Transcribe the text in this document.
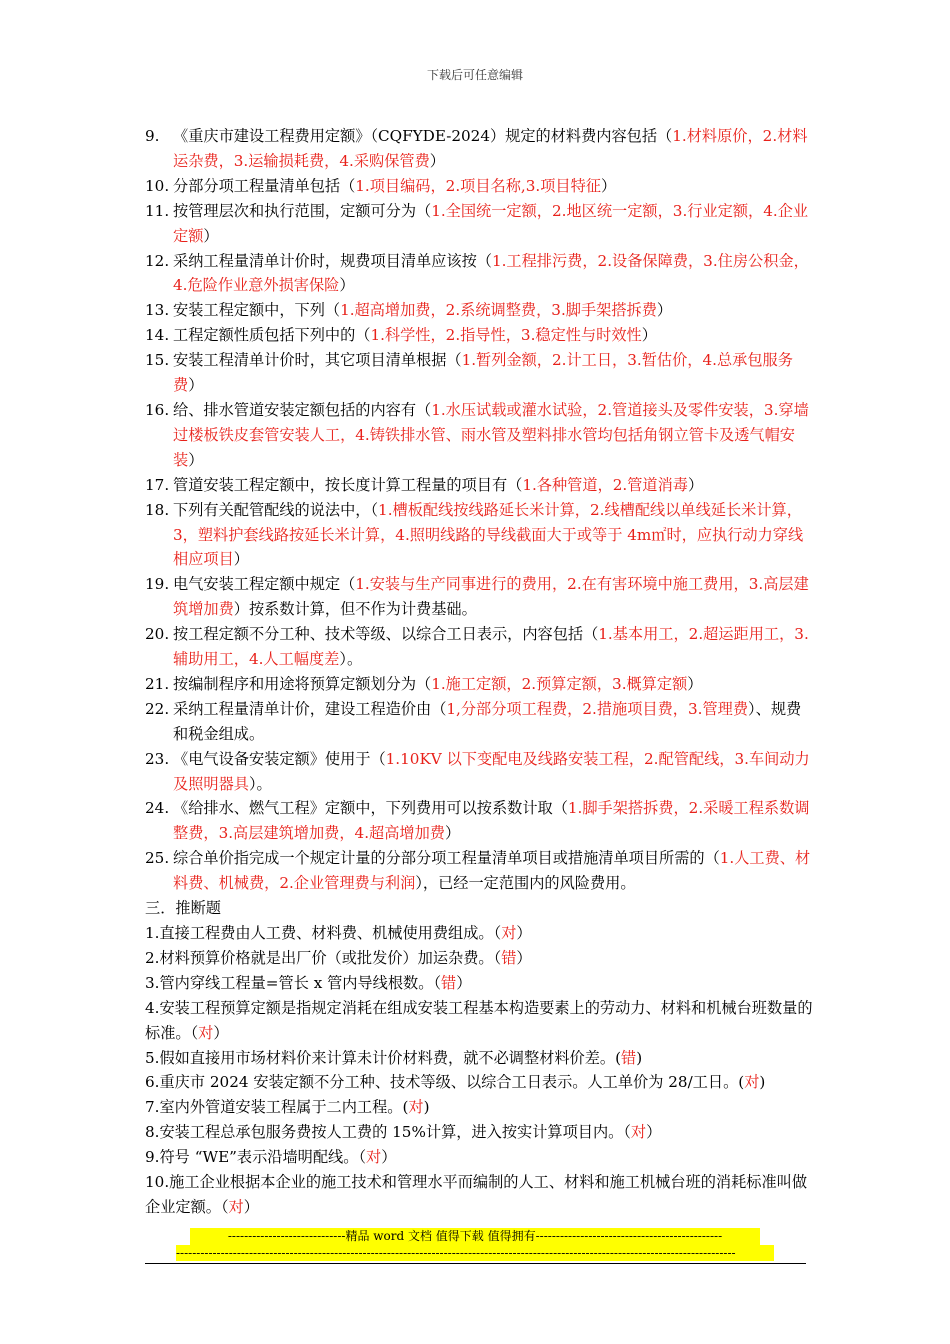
下载后可任意编辑
9. 《重庆市建设工程费用定额》（CQFYDE-2024）规定的材料费内容包括（1.材料原价，2.材料运杂费，3.运输损耗费，4.采购保管费）
10. 分部分项工程量清单包括（1.项目编码，2.项目名称,3.项目特征）
11. 按管理层次和执行范围，定额可分为（1.全国统一定额，2.地区统一定额，3.行业定额，4.企业定额）
12. 采纳工程量清单计价时，规费项目清单应该按（1.工程排污费，2.设备保障费，3.住房公积金，4.危险作业意外损害保险）
13. 安装工程定额中，下列（1.超高增加费，2.系统调整费，3.脚手架搭拆费）
14. 工程定额性质包括下列中的（1.科学性，2.指导性，3.稳定性与时效性）
15. 安装工程清单计价时，其它项目清单根据（1.暂列金额，2.计工日，3.暂估价，4.总承包服务费）
16. 给、排水管道安装定额包括的内容有（1.水压试载或灌水试验，2.管道接头及零件安装，3.穿墙过楼板铁皮套管安装人工，4.铸铁排水管、雨水管及塑料排水管均包括角钢立管卡及透气帽安装）
17. 管道安装工程定额中，按长度计算工程量的项目有（1.各种管道，2.管道消毒）
18. 下列有关配管配线的说法中，（1.槽板配线按线路延长米计算，2.线槽配线以单线延长米计算，3，塑料护套线路按延长米计算，4.照明线路的导线截面大于或等于 4m㎡时，应执行动力穿线相应项目）
19. 电气安装工程定额中规定（1.安装与生产同事进行的费用，2.在有害环境中施工费用，3.高层建筑增加费）按系数计算，但不作为计费基础。
20. 按工程定额不分工种、技术等级、以综合工日表示，内容包括（1.基本用工，2.超运距用工，3.辅助用工，4.人工幅度差）。
21. 按编制程序和用途将预算定额划分为（1.施工定额，2.预算定额，3.概算定额）
22. 采纳工程量清单计价，建设工程造价由（1,分部分项工程费，2.措施项目费，3.管理费）、规费和税金组成。
23. 《电气设备安装定额》使用于（1.10KV 以下变配电及线路安装工程，2.配管配线，3.车间动力及照明器具）。
24. 《给排水、燃气工程》定额中，下列费用可以按系数计取（1.脚手架搭拆费，2.采暖工程系数调整费，3.高层建筑增加费，4.超高增加费）
25. 综合单价指完成一个规定计量的分部分项工程量清单项目或措施清单项目所需的（1.人工费、材料费、机械费，2.企业管理费与利润），已经一定范围内的风险费用。
三．推断题
1.直接工程费由人工费、材料费、机械使用费组成。（对）
2.材料预算价格就是出厂价（或批发价）加运杂费。（错）
3.管内穿线工程量=管长 x 管内导线根数。（错）
4.安装工程预算定额是指规定消耗在组成安装工程基本构造要素上的劳动力、材料和机械台班数量的标准。（对）
5.假如直接用市场材料价来计算未计价材料费，就不必调整材料价差。(错)
6.重庆市 2024 安装定额不分工种、技术等级、以综合工日表示。人工单价为 28/工日。(对)
7.室内外管道安装工程属于二内工程。(对)
8.安装工程总承包服务费按人工费的 15%计算，进入按实计算项目内。（对）
9.符号 “WE”表示沿墙明配线。（对）
10.施工企业根据本企业的施工技术和管理水平而编制的人工、材料和施工机械台班的消耗标准叫做企业定额。（对）
-----------------------------精品 word 文档 值得下载 值得拥有----------------------------------------------
------------------------------------------------------------------------------------------------------------------------------------------
